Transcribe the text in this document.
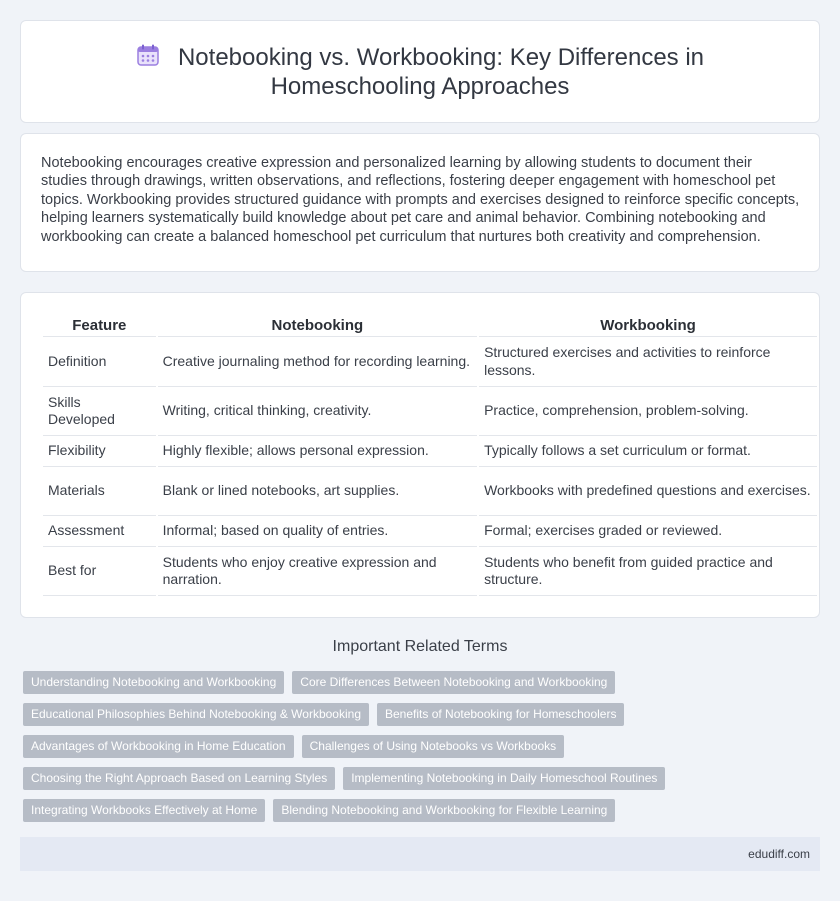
Notebooking vs. Workbooking: Key Differences in Homeschooling Approaches

Notebooking encourages creative expression and personalized learning by allowing students to document their studies through drawings, written observations, and reflections, fostering deeper engagement with homeschool pet topics. Workbooking provides structured guidance with prompts and exercises designed to reinforce specific concepts, helping learners systematically build knowledge about pet care and animal behavior. Combining notebooking and workbooking can create a balanced homeschool pet curriculum that nurtures both creativity and comprehension.

Feature	Notebooking	Workbooking
Definition	Creative journaling method for recording learning.	Structured exercises and activities to reinforce lessons.
Skills Developed	Writing, critical thinking, creativity.	Practice, comprehension, problem-solving.
Flexibility	Highly flexible; allows personal expression.	Typically follows a set curriculum or format.
Materials	Blank or lined notebooks, art supplies.	Workbooks with predefined questions and exercises.
Assessment	Informal; based on quality of entries.	Formal; exercises graded or reviewed.
Best for	Students who enjoy creative expression and narration.	Students who benefit from guided practice and structure.
Important Related Terms
Understanding Notebooking and Workbooking	Core Differences Between Notebooking and Workbooking
Educational Philosophies Behind Notebooking & Workbooking	Benefits of Notebooking for Homeschoolers
Advantages of Workbooking in Home Education	Challenges of Using Notebooks vs Workbooks
Choosing the Right Approach Based on Learning Styles	Implementing Notebooking in Daily Homeschool Routines
Integrating Workbooks Effectively at Home	Blending Notebooking and Workbooking for Flexible Learning
edudiff.com
